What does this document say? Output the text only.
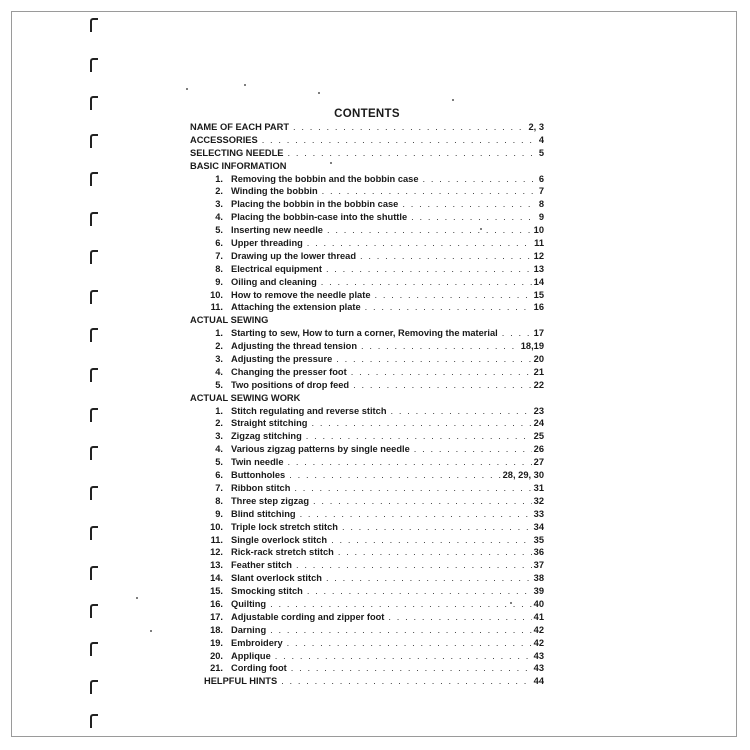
CONTENTS
NAME OF EACH PART . . .	2, 3
ACCESSORIES . . .	4
SELECTING NEEDLE . . .	5
BASIC INFORMATION
1. Removing the bobbin and the bobbin case . . .	6
2. Winding the bobbin . . .	7
3. Placing the bobbin in the bobbin case . . .	8
4. Placing the bobbin-case into the shuttle . . .	9
5. Inserting new needle . . .	10
6. Upper threading . . .	11
7. Drawing up the lower thread . . .	12
8. Electrical equipment . . .	13
9. Oiling and cleaning . . .	14
10. How to remove the needle plate . . .	15
11. Attaching the extension plate . . .	16
ACTUAL SEWING
1. Starting to sew, How to turn a corner, Removing the material . . .	17
2. Adjusting the thread tension . . .	18,19
3. Adjusting the pressure . . .	20
4. Changing the presser foot . . .	21
5. Two positions of drop feed . . .	22
ACTUAL SEWING WORK
1. Stitch regulating and reverse stitch . . .	23
2. Straight stitching . . .	24
3. Zigzag stitching . . .	25
4. Various zigzag patterns by single needle . . .	26
5. Twin needle . . .	27
6. Buttonholes . . .	28, 29, 30
7. Ribbon stitch . . .	31
8. Three step zigzag . . .	32
9. Blind stitching . . .	33
10. Triple lock stretch stitch . . .	34
11. Single overlock stitch . . .	35
12. Rick-rack stretch stitch . . .	36
13. Feather stitch . . .	37
14. Slant overlock stitch . . .	38
15. Smocking stitch . . .	39
16. Quilting . . .	40
17. Adjustable cording and zipper foot . . .	41
18. Darning . . .	42
19. Embroidery . . .	42
20. Applique . . .	43
21. Cording foot . . .	43
HELPFUL HINTS . . .	44
